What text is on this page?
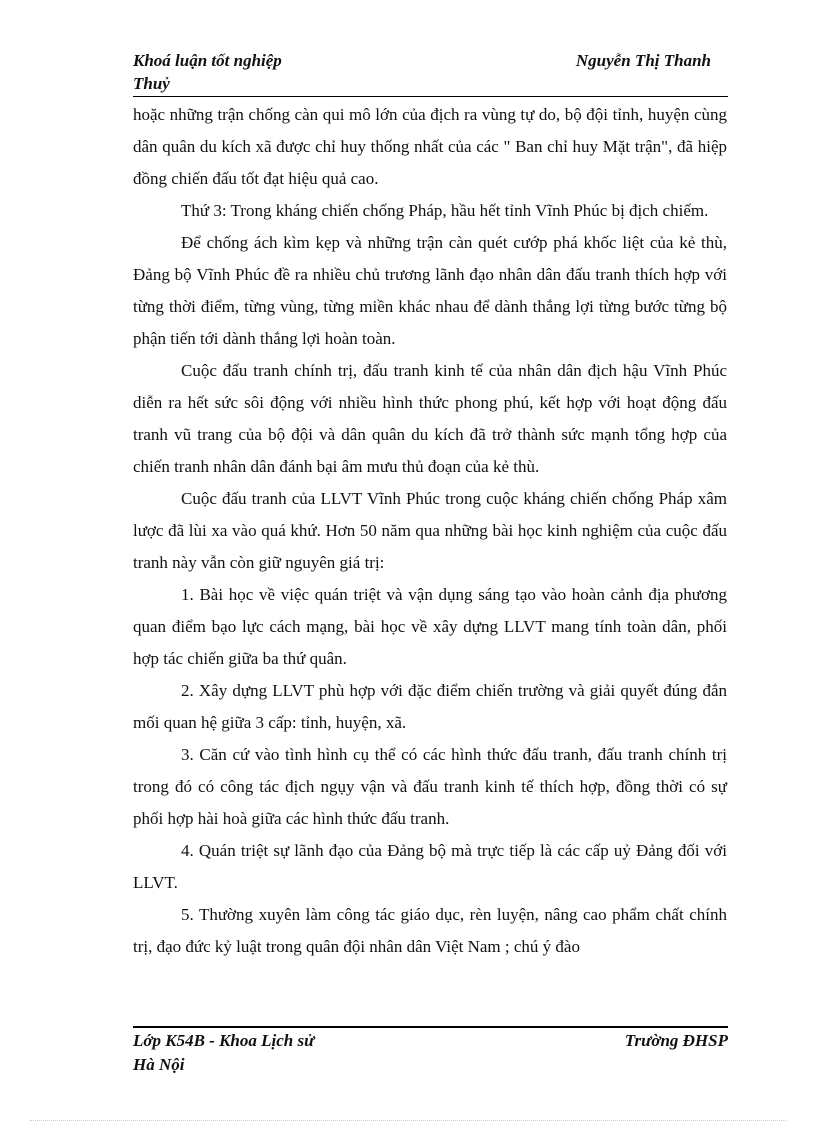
Khoá luận tốt nghiệp	Nguyễn Thị Thanh
Thuỷ

hoặc những trận chống càn qui mô lớn của địch ra vùng tự do, bộ đội tỉnh, huyện cùng dân quân du kích xã được chỉ huy thống nhất của các " Ban chỉ huy Mặt trận", đã hiệp đồng chiến đấu tốt đạt hiệu quả cao.

Thứ 3: Trong kháng chiến chống Pháp, hầu hết tỉnh Vĩnh Phúc bị địch chiếm.

Để chống ách kìm kẹp và những trận càn quét cướp phá khốc liệt của kẻ thù, Đảng bộ Vĩnh Phúc đề ra nhiều chủ trương lãnh đạo nhân dân đấu tranh thích hợp với từng thời điểm, từng vùng, từng miền khác nhau để dành thắng lợi từng bước từng bộ phận tiến tới dành thắng lợi hoàn toàn.

Cuộc đấu tranh chính trị, đấu tranh kinh tế của nhân dân địch hậu Vĩnh Phúc diễn ra hết sức sôi động với nhiều hình thức phong phú, kết hợp với hoạt động đấu tranh vũ trang của bộ đội và dân quân du kích đã trở thành sức mạnh tổng hợp của chiến tranh nhân dân đánh bại âm mưu thủ đoạn của kẻ thù.

Cuộc đấu tranh của LLVT Vĩnh Phúc trong cuộc kháng chiến chống Pháp xâm lược đã lùi xa vào quá khứ. Hơn 50 năm qua những bài học kinh nghiệm của cuộc đấu tranh này vẫn còn giữ nguyên giá trị:

1. Bài học về việc quán triệt và vận dụng sáng tạo vào hoàn cảnh địa phương quan điểm bạo lực cách mạng, bài học về xây dựng LLVT mang tính toàn dân, phối hợp tác chiến giữa ba thứ quân.

2. Xây dựng LLVT phù hợp với đặc điểm chiến trường và giải quyết đúng đắn mối quan hệ giữa 3 cấp: tỉnh, huyện, xã.

3. Căn cứ vào tình hình cụ thể có các hình thức đấu tranh, đấu tranh chính trị trong đó có công tác địch ngụy vận và đấu tranh kinh tế thích hợp, đồng thời có sự phối hợp hài hoà giữa các hình thức đấu tranh.

4. Quán triệt sự lãnh đạo của Đảng bộ mà trực tiếp là các cấp uỷ Đảng đối với LLVT.

5. Thường xuyên làm công tác giáo dục, rèn luyện, nâng cao phẩm chất chính trị, đạo đức kỷ luật trong quân đội nhân dân Việt Nam ; chú ý đào

Lớp K54B - Khoa Lịch sử	Trường ĐHSP
Hà Nội
